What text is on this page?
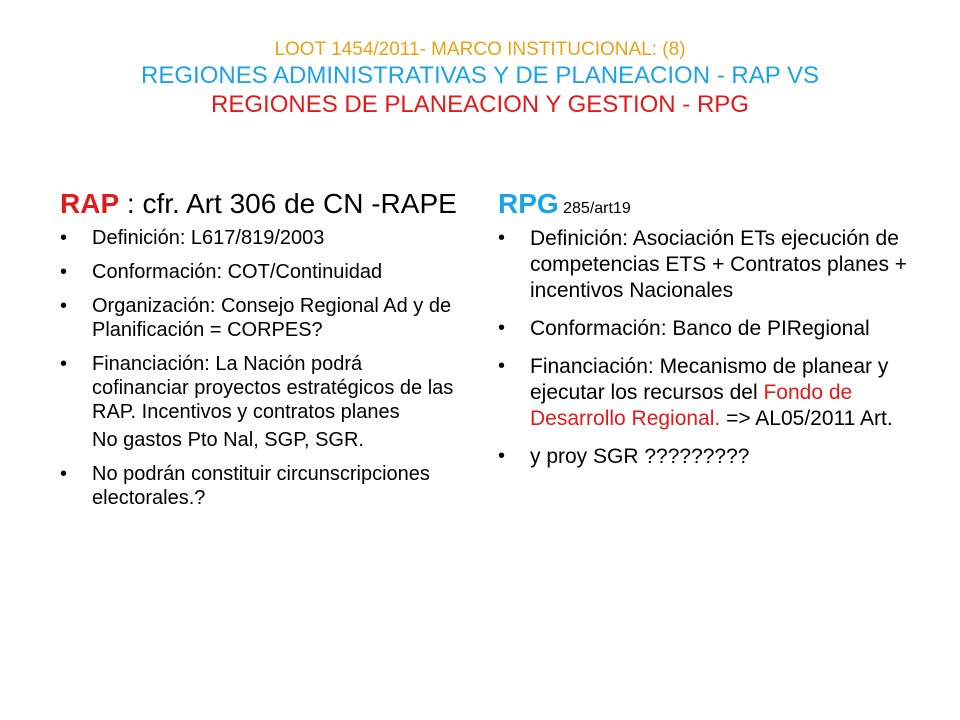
LOOT 1454/2011- MARCO INSTITUCIONAL: (8)
REGIONES ADMINISTRATIVAS Y DE PLANEACION - RAP VS
REGIONES DE PLANEACION Y GESTION - RPG
RAP : cfr. Art 306 de CN -RAPE
• Definición: L617/819/2003
• Conformación: COT/Continuidad
• Organización: Consejo Regional Ad y de Planificación = CORPES?
• Financiación: La Nación podrá cofinanciar proyectos estratégicos de las RAP. Incentivos y contratos planes
No gastos Pto Nal, SGP, SGR.
• No podrán constituir circunscripciones electorales.?
RPG 285/art19
• Definición: Asociación ETs ejecución de competencias ETS + Contratos planes + incentivos Nacionales
• Conformación: Banco de PIRegional
• Financiación: Mecanismo de planear y ejecutar los recursos del Fondo de Desarrollo Regional. => AL05/2011 Art.
• y proy SGR ?????????
